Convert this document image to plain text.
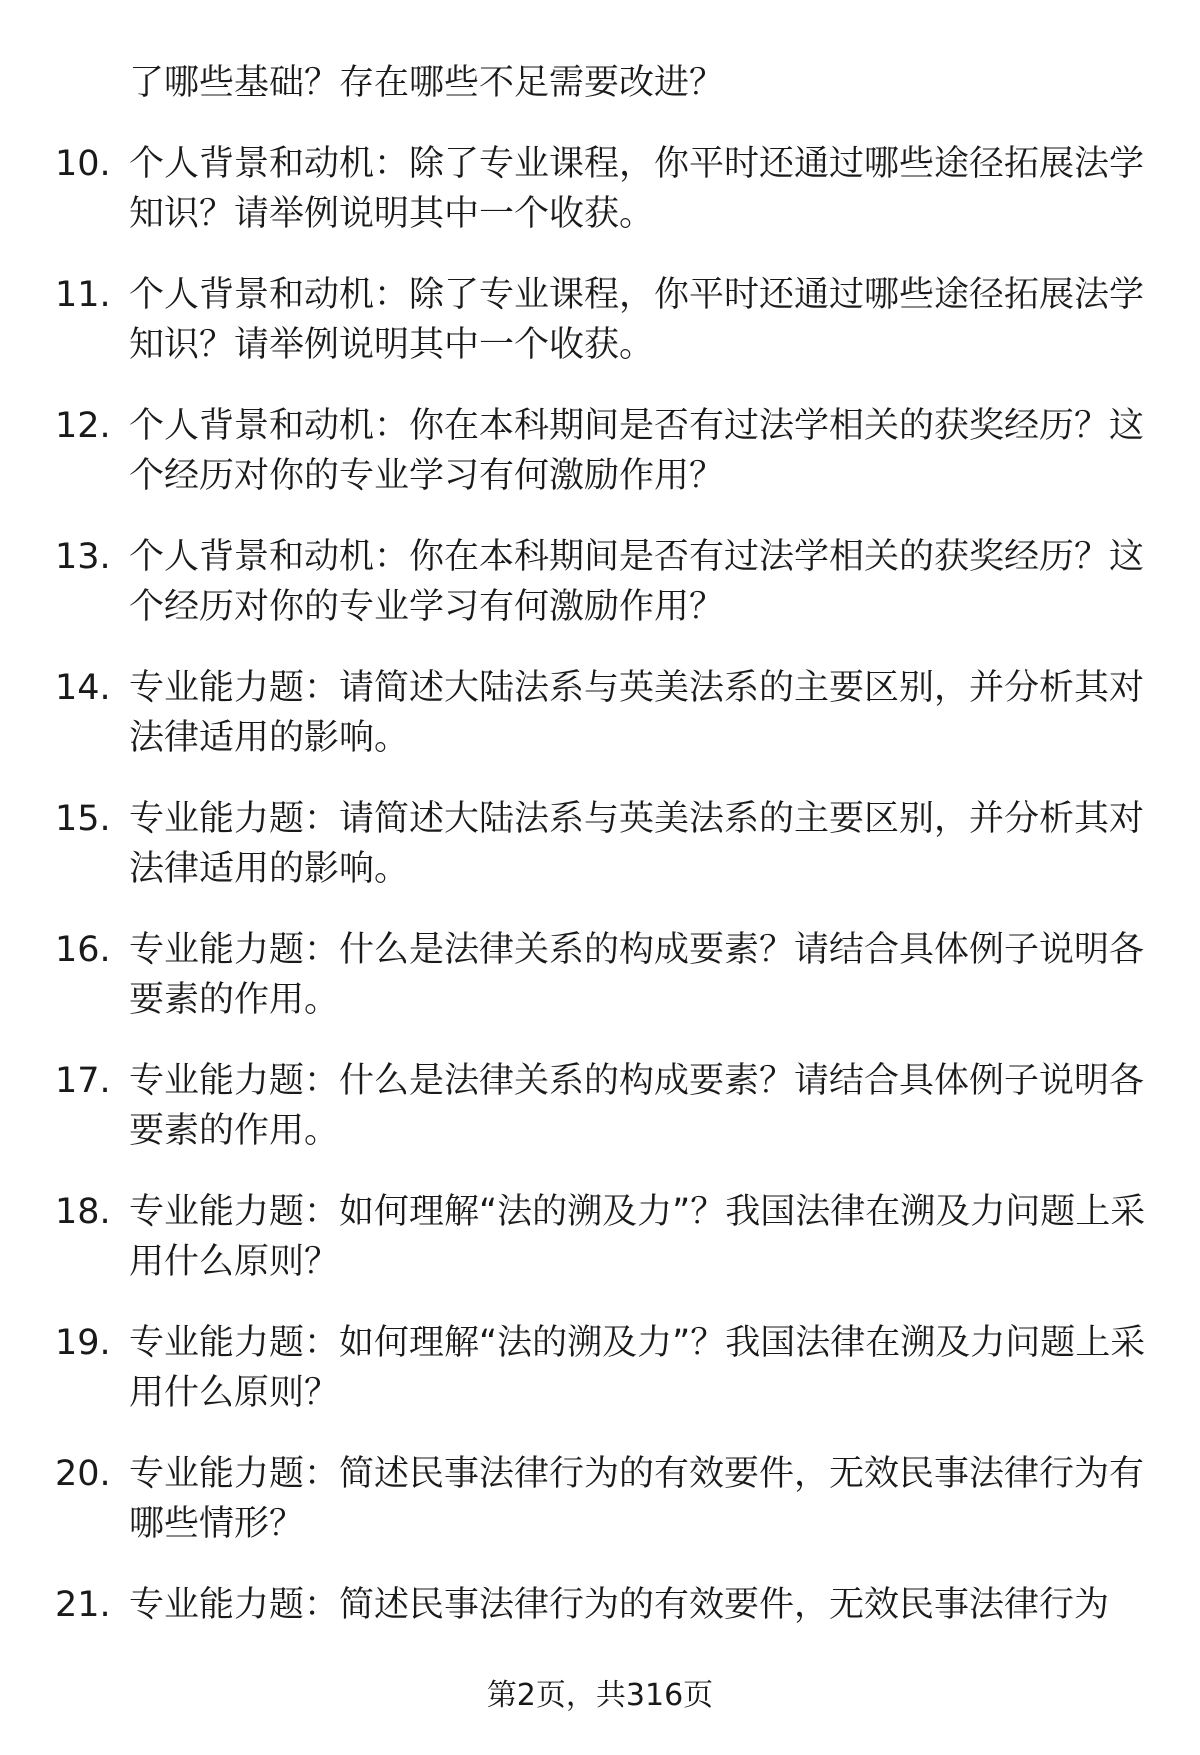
了哪些基础？存在哪些不足需要改进？
10. 个人背景和动机：除了专业课程，你平时还通过哪些途径拓展法学知识？请举例说明其中一个收获。
11. 个人背景和动机：除了专业课程，你平时还通过哪些途径拓展法学知识？请举例说明其中一个收获。
12. 个人背景和动机：你在本科期间是否有过法学相关的获奖经历？这个经历对你的专业学习有何激励作用？
13. 个人背景和动机：你在本科期间是否有过法学相关的获奖经历？这个经历对你的专业学习有何激励作用？
14. 专业能力题：请简述大陆法系与英美法系的主要区别，并分析其对法律适用的影响。
15. 专业能力题：请简述大陆法系与英美法系的主要区别，并分析其对法律适用的影响。
16. 专业能力题：什么是法律关系的构成要素？请结合具体例子说明各要素的作用。
17. 专业能力题：什么是法律关系的构成要素？请结合具体例子说明各要素的作用。
18. 专业能力题：如何理解“法的溯及力”？我国法律在溯及力问题上采用什么原则？
19. 专业能力题：如何理解“法的溯及力”？我国法律在溯及力问题上采用什么原则？
20. 专业能力题：简述民事法律行为的有效要件，无效民事法律行为有哪些情形？
21. 专业能力题：简述民事法律行为的有效要件，无效民事法律行为
第2页，共316页
